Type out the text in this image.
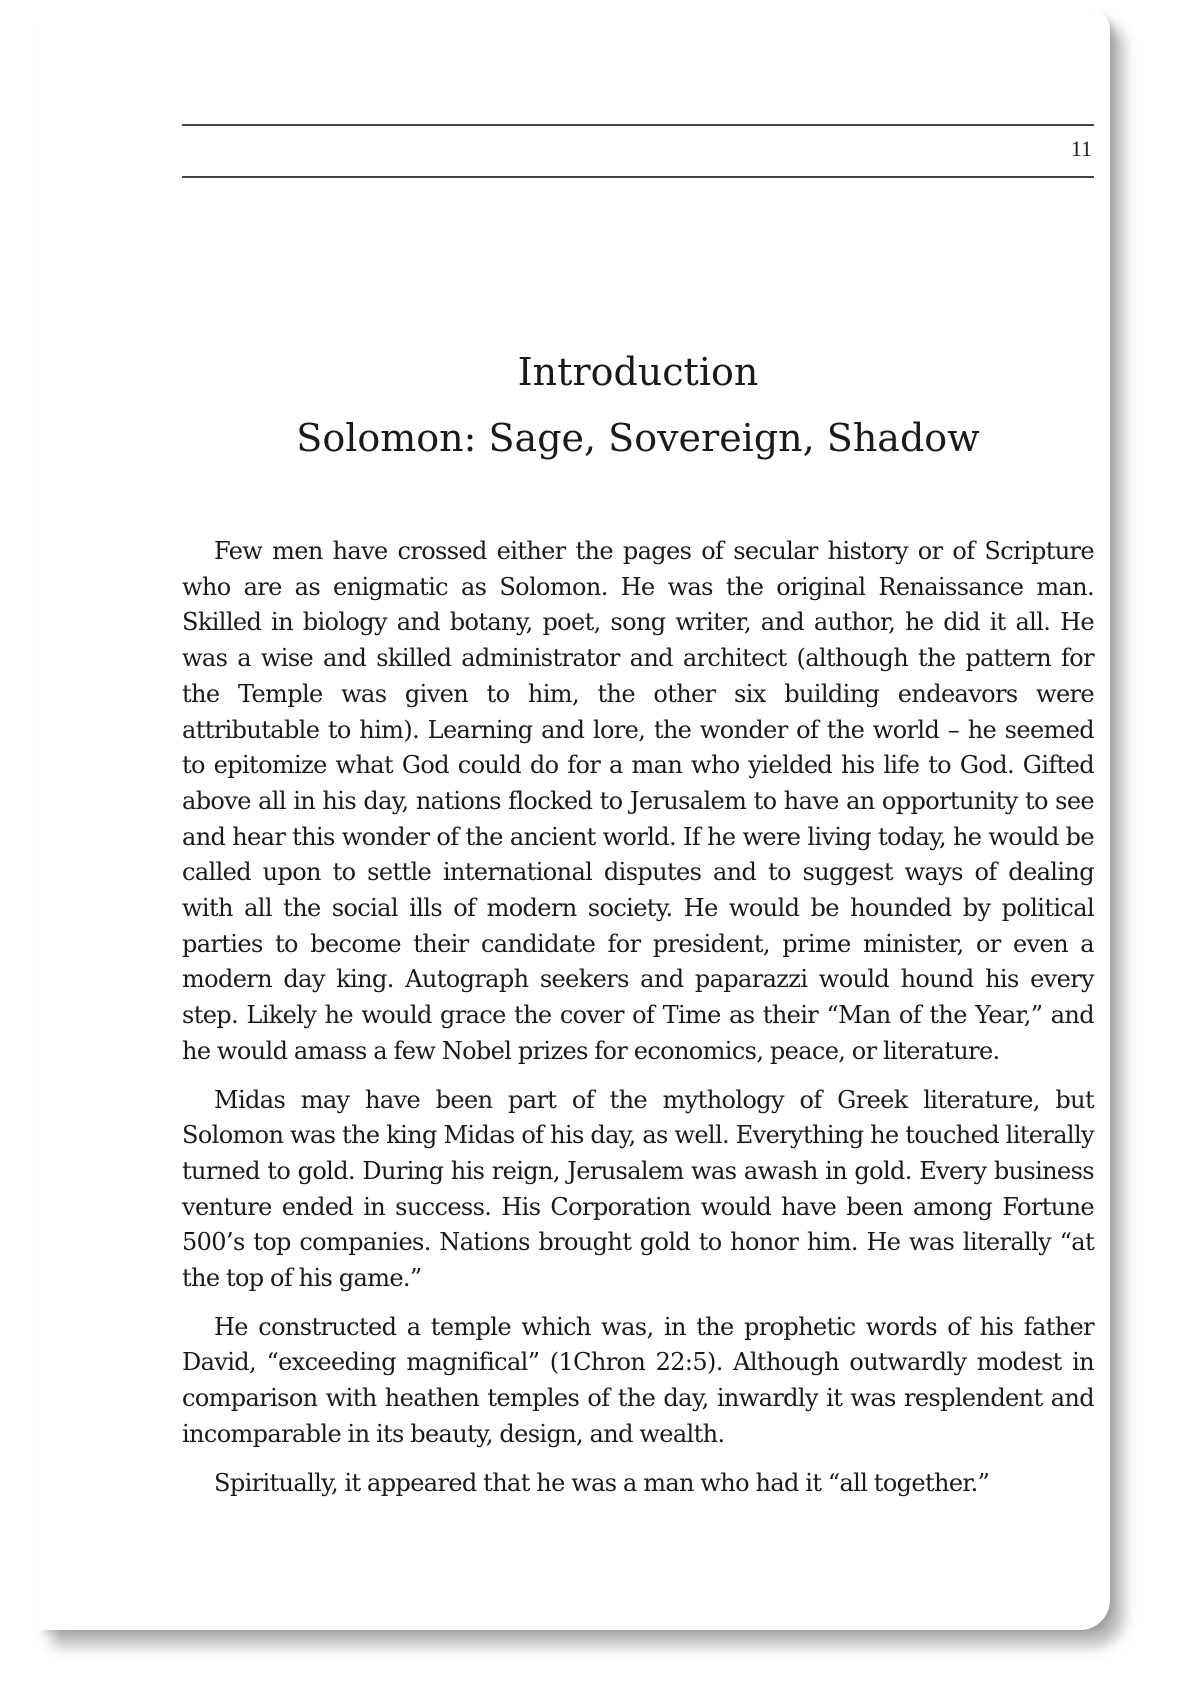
11
Introduction
Solomon: Sage, Sovereign, Shadow

Few men have crossed either the pages of secular history or of Scripture who are as enigmatic as Solomon. He was the original Renaissance man. Skilled in biology and botany, poet, song writer, and author, he did it all. He was a wise and skilled administrator and architect (although the pattern for the Temple was given to him, the other six building endeavors were attributable to him). Learning and lore, the wonder of the world – he seemed to epitomize what God could do for a man who yielded his life to God. Gifted above all in his day, nations flocked to Jerusalem to have an opportunity to see and hear this wonder of the ancient world. If he were living today, he would be called upon to settle international disputes and to suggest ways of dealing with all the social ills of modern society. He would be hounded by political parties to become their candidate for president, prime minister, or even a modern day king. Autograph seekers and paparazzi would hound his every step. Likely he would grace the cover of Time as their “Man of the Year,” and he would amass a few Nobel prizes for economics, peace, or literature.

Midas may have been part of the mythology of Greek literature, but Solomon was the king Midas of his day, as well. Everything he touched literally turned to gold. During his reign, Jerusalem was awash in gold. Every business venture ended in success. His Corporation would have been among Fortune 500’s top companies. Nations brought gold to honor him. He was literally “at the top of his game.”

He constructed a temple which was, in the prophetic words of his father David, “exceeding magnifical” (1Chron 22:5). Although outwardly modest in comparison with heathen temples of the day, inwardly it was resplendent and incomparable in its beauty, design, and wealth.

Spiritually, it appeared that he was a man who had it “all together.”
